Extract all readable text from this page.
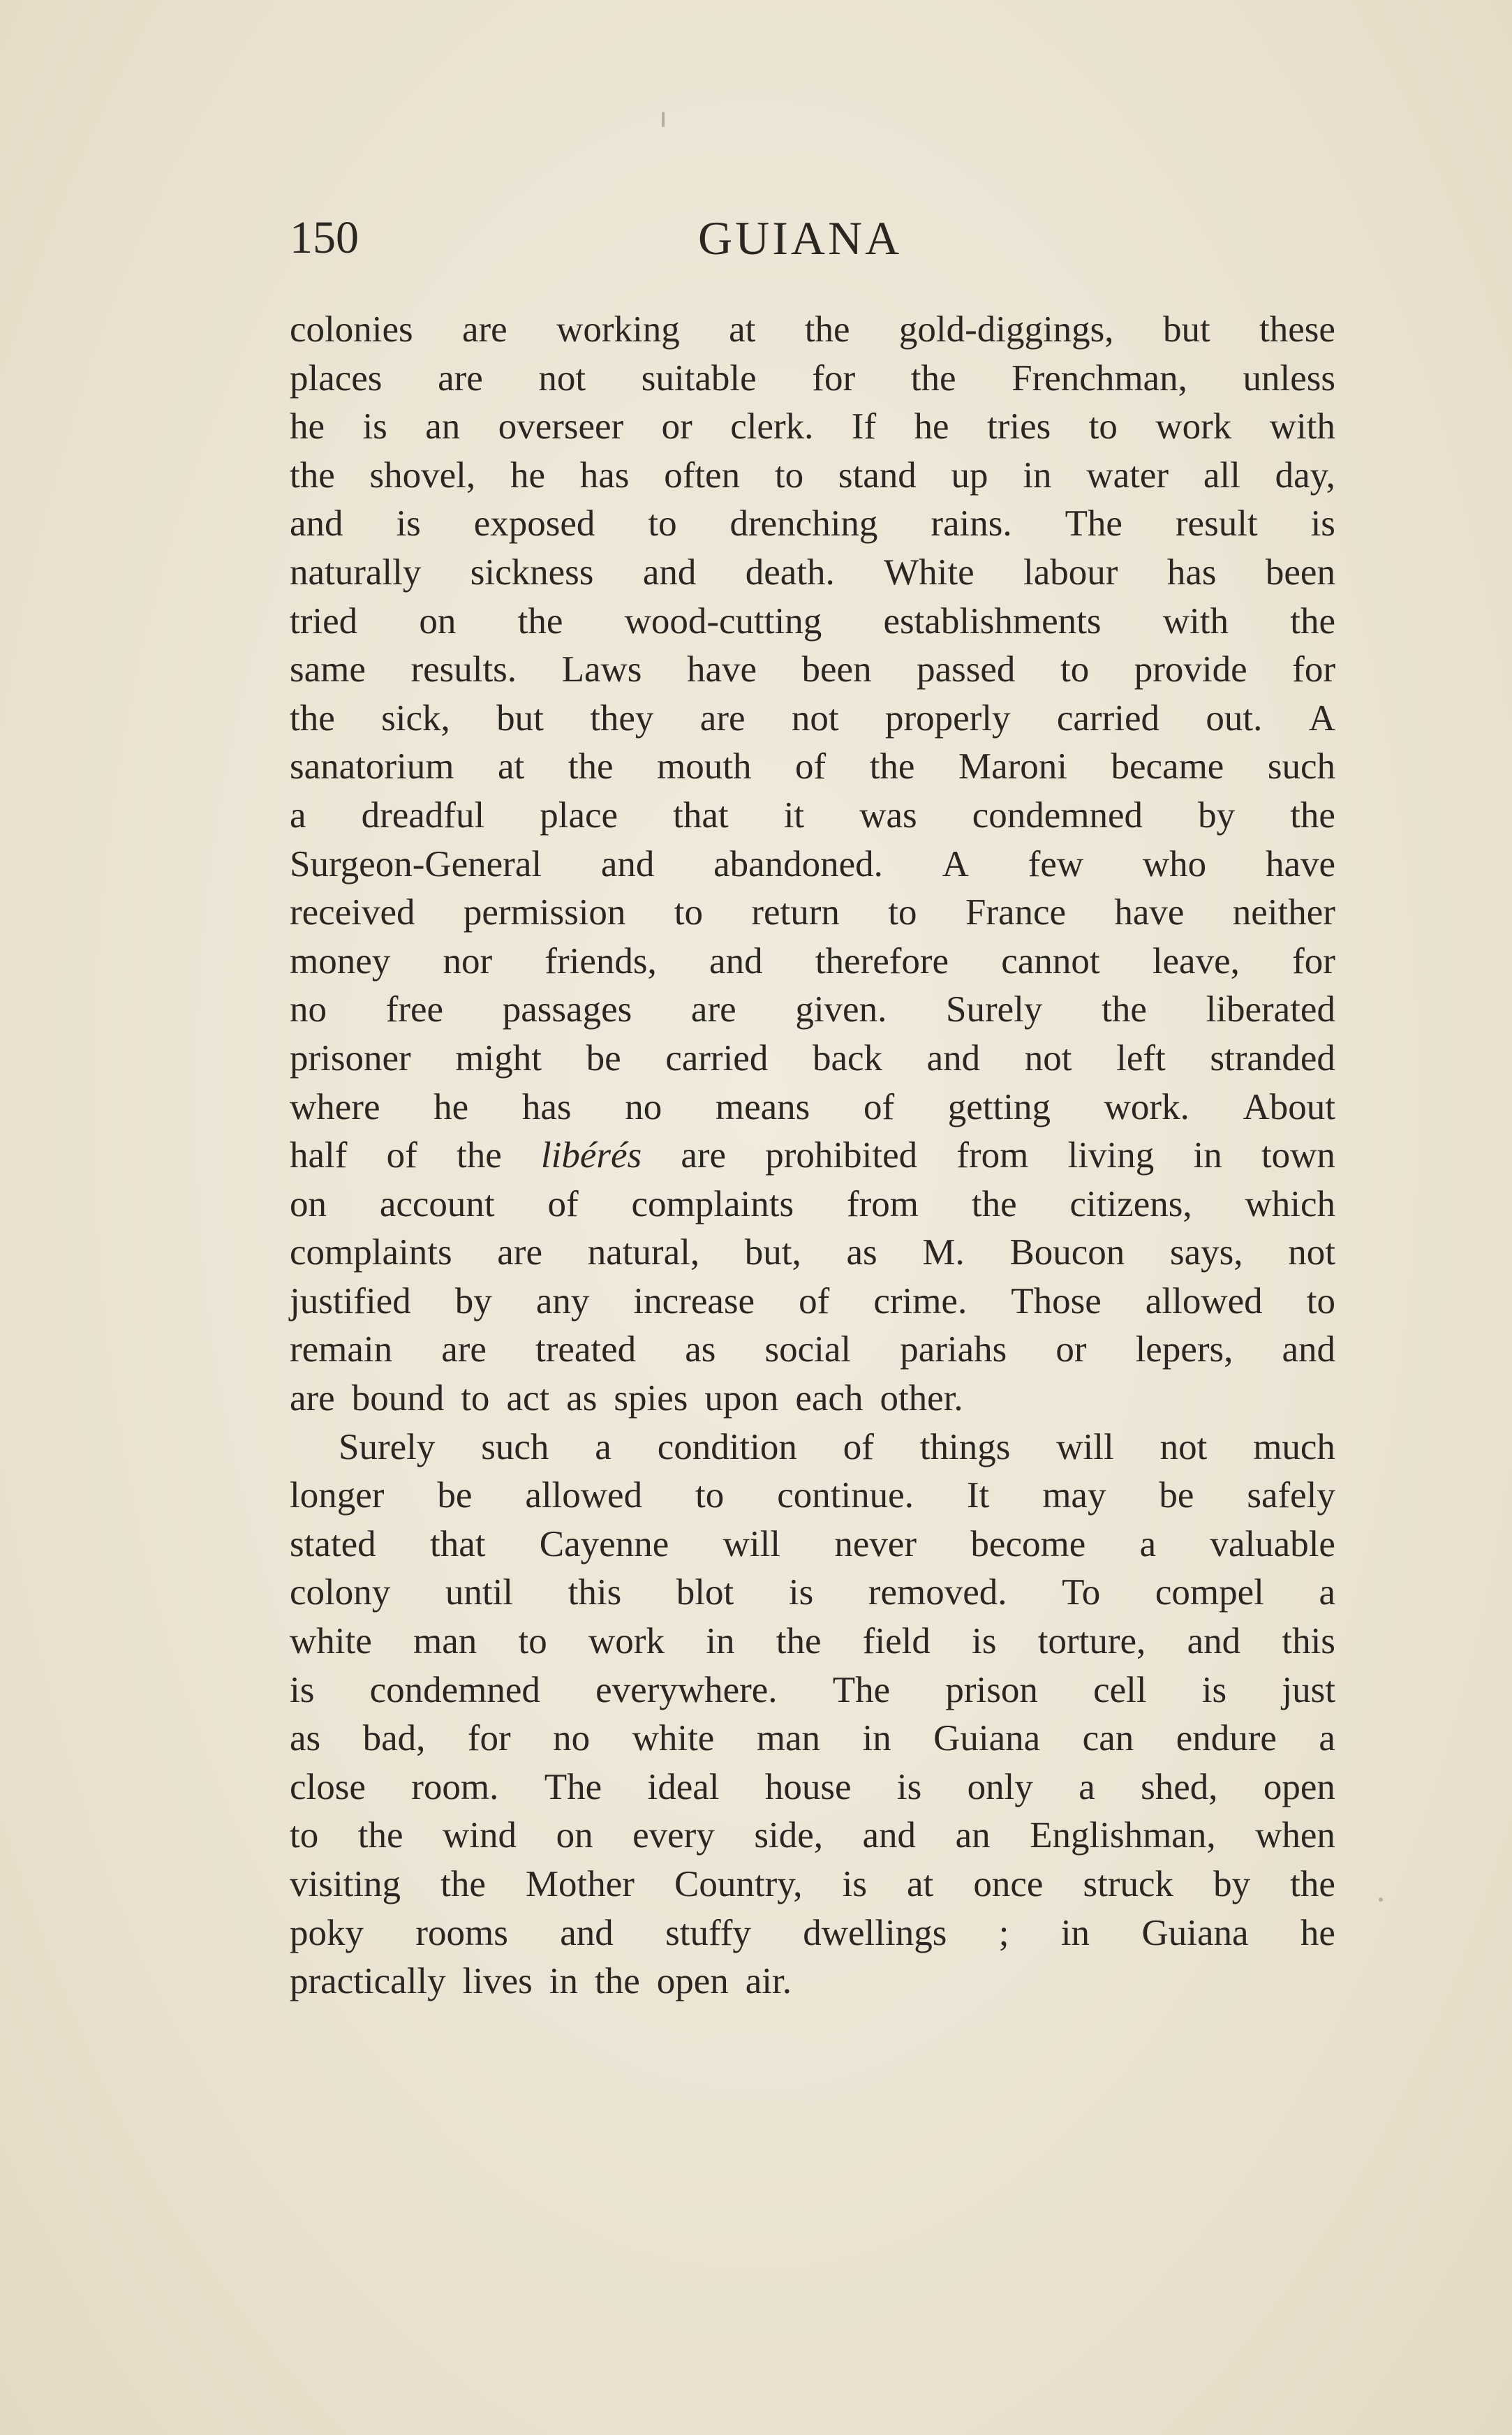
150	GUIANA
colonies are working at the gold-diggings, but these
places are not suitable for the Frenchman, unless
he is an overseer or clerk. If he tries to work with
the shovel, he has often to stand up in water all day,
and is exposed to drenching rains. The result is
naturally sickness and death. White labour has been
tried on the wood-cutting establishments with the
same results. Laws have been passed to provide for
the sick, but they are not properly carried out. A
sanatorium at the mouth of the Maroni became such
a dreadful place that it was condemned by the
Surgeon-General and abandoned. A few who have
received permission to return to France have neither
money nor friends, and therefore cannot leave, for
no free passages are given. Surely the liberated
prisoner might be carried back and not left stranded
where he has no means of getting work. About
half of the libérés are prohibited from living in town
on account of complaints from the citizens, which
complaints are natural, but, as M. Boucon says, not
justified by any increase of crime. Those allowed to
remain are treated as social pariahs or lepers, and
are bound to act as spies upon each other.
Surely such a condition of things will not much
longer be allowed to continue. It may be safely
stated that Cayenne will never become a valuable
colony until this blot is removed. To compel a
white man to work in the field is torture, and this
is condemned everywhere. The prison cell is just
as bad, for no white man in Guiana can endure a
close room. The ideal house is only a shed, open
to the wind on every side, and an Englishman, when
visiting the Mother Country, is at once struck by the
poky rooms and stuffy dwellings ; in Guiana he
practically lives in the open air.
